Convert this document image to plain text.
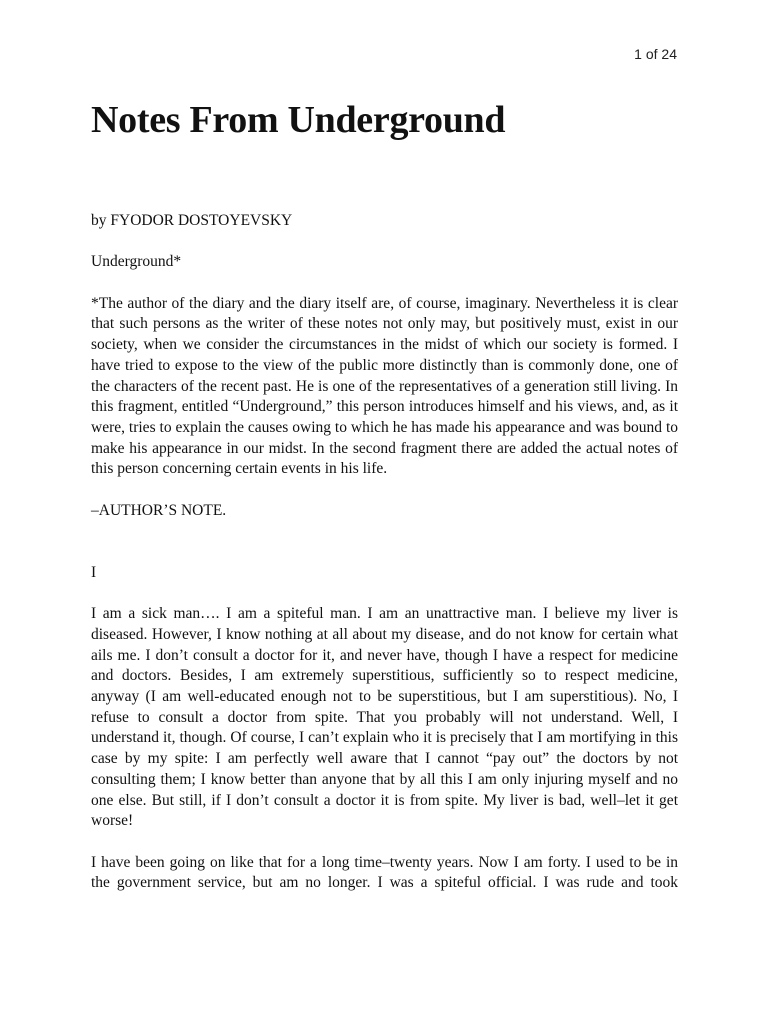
1 of 24
Notes From Underground

by FYODOR DOSTOYEVSKY

Underground*

*The author of the diary and the diary itself are, of course, imaginary. Nevertheless it is clear that such persons as the writer of these notes not only may, but positively must, exist in our society, when we consider the circumstances in the midst of which our society is formed. I have tried to expose to the view of the public more distinctly than is commonly done, one of the characters of the recent past. He is one of the representatives of a generation still living. In this fragment, entitled “Underground,” this person introduces himself and his views, and, as it were, tries to explain the causes owing to which he has made his appearance and was bound to make his appearance in our midst. In the second fragment there are added the actual notes of this person concerning certain events in his life.

–AUTHOR’S NOTE.

I

I am a sick man…. I am a spiteful man. I am an unattractive man. I believe my liver is diseased. However, I know nothing at all about my disease, and do not know for certain what ails me. I don’t consult a doctor for it, and never have, though I have a respect for medicine and doctors. Besides, I am extremely superstitious, sufficiently so to respect medicine, anyway (I am well-educated enough not to be superstitious, but I am superstitious). No, I refuse to consult a doctor from spite. That you probably will not understand. Well, I understand it, though. Of course, I can’t explain who it is precisely that I am mortifying in this case by my spite: I am perfectly well aware that I cannot “pay out” the doctors by not consulting them; I know better than anyone that by all this I am only injuring myself and no one else. But still, if I don’t consult a doctor it is from spite. My liver is bad, well–let it get worse!

I have been going on like that for a long time–twenty years. Now I am forty. I used to be in the government service, but am no longer. I was a spiteful official. I was rude and took
